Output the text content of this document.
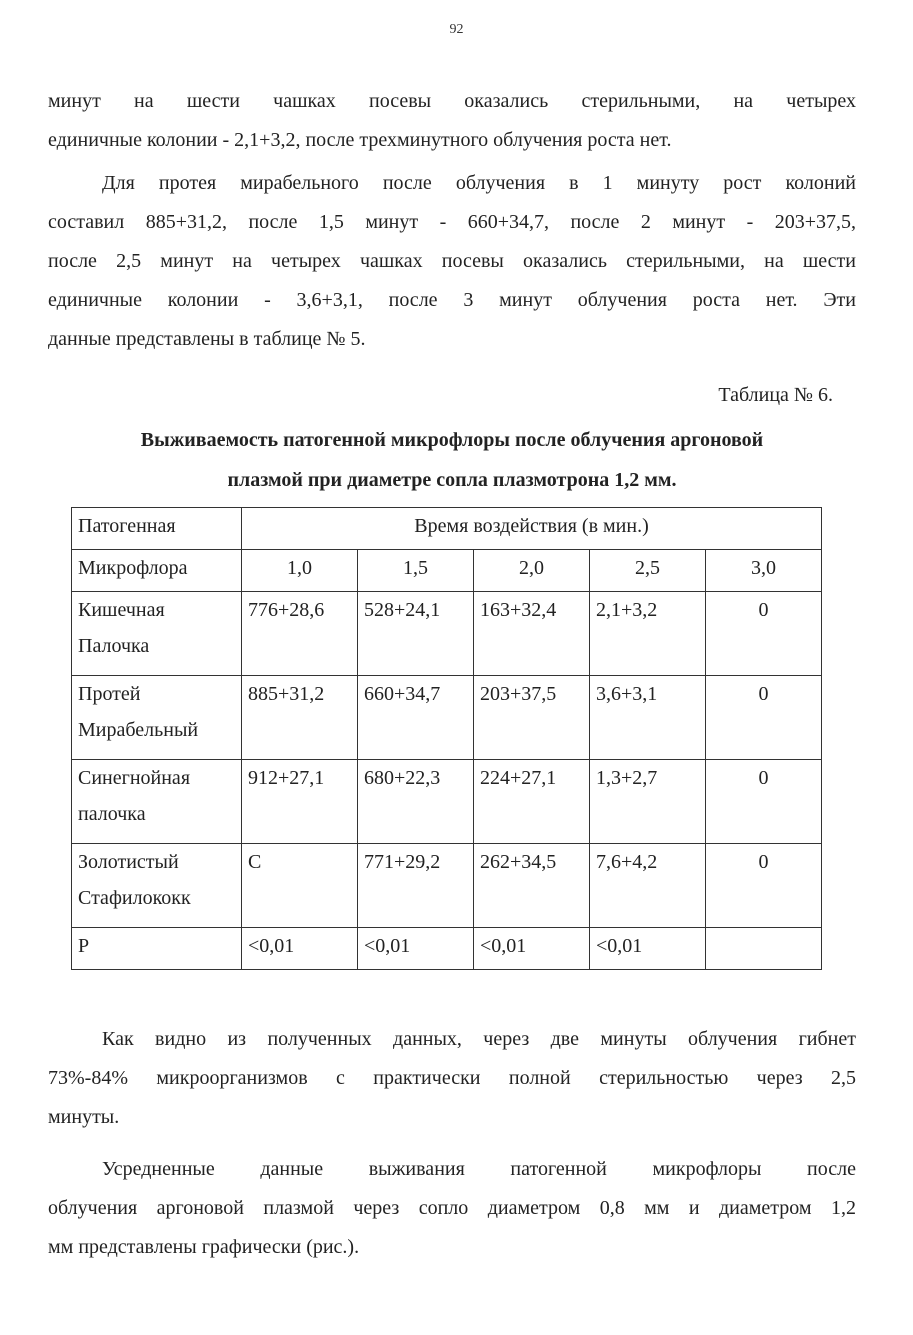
92
минут на шести чашках посевы оказались стерильными, на четырех
единичные колонии - 2,1+3,2, после трехминутного облучения роста нет.
Для протея мирабельного после облучения в 1 минуту рост колоний
составил 885+31,2, после 1,5 минут - 660+34,7, после 2 минут - 203+37,5,
после 2,5 минут на четырех чашках посевы оказались стерильными, на шести
единичные колонии - 3,6+3,1, после 3 минут облучения роста нет. Эти
данные представлены в таблице № 5.
Таблица № 6.
Выживаемость патогенной микрофлоры после облучения аргоновой
плазмой при диаметре сопла плазмотрона 1,2 мм.
Патогенная	Время воздействия (в мин.)				
Микрофлора	1,0	1,5	2,0	2,5	3,0

Кишечная
Палочка	776+28,6	528+24,1	163+32,4	2,1+3,2	0

Протей
Мирабельный	885+31,2	660+34,7	203+37,5	3,6+3,1	0

Синегнойная
палочка	912+27,1	680+22,3	224+27,1	1,3+2,7	0

Золотистый
Стафилококк	С	771+29,2	262+34,5	7,6+4,2	0
Р	<0,01	<0,01	<0,01	<0,01	
Как видно из полученных данных, через две минуты облучения гибнет
73%-84% микроорганизмов с практически полной стерильностью через 2,5
минуты.
Усредненные данные выживания патогенной микрофлоры после
облучения аргоновой плазмой через сопло диаметром 0,8 мм и диаметром 1,2
мм представлены графически (рис.).
